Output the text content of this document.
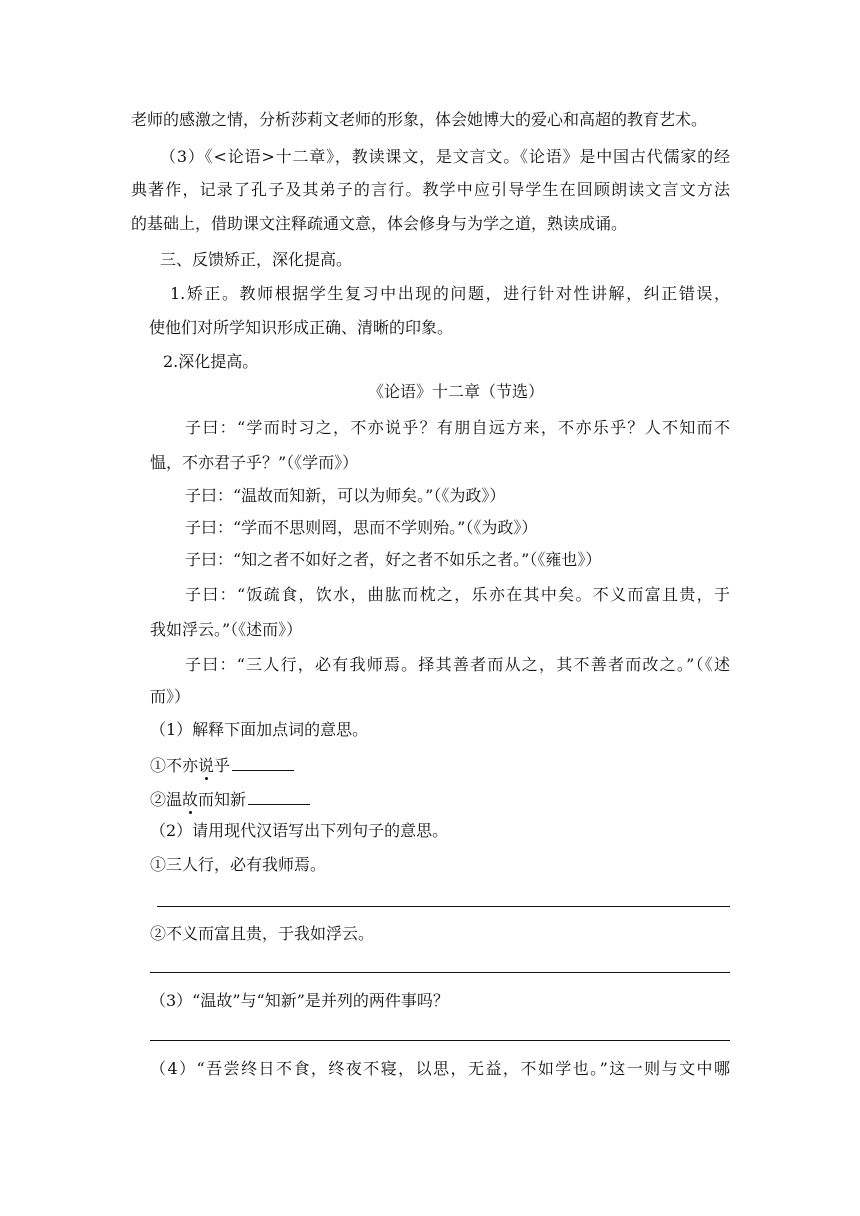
老师的感激之情，分析莎莉文老师的形象，体会她博大的爱心和高超的教育艺术。
（3）《<论语>十二章》，教读课文，是文言文。《论语》是中国古代儒家的经
典著作，记录了孔子及其弟子的言行。教学中应引导学生在回顾朗读文言文方法
的基础上，借助课文注释疏通文意，体会修身与为学之道，熟读成诵。
三、反馈矫正，深化提高。
1.矫正。教师根据学生复习中出现的问题，进行针对性讲解，纠正错误，
使他们对所学知识形成正确、清晰的印象。
2.深化提高。
《论语》十二章（节选）
子曰：“学而时习之，不亦说乎？有朋自远方来，不亦乐乎？人不知而不
愠，不亦君子乎？”（《学而》）
子曰：“温故而知新，可以为师矣。”（《为政》）
子曰：“学而不思则罔，思而不学则殆。”（《为政》）
子曰：“知之者不如好之者，好之者不如乐之者。”（《雍也》）
子曰：“饭疏食，饮水，曲肱而枕之，乐亦在其中矣。不义而富且贵，于
我如浮云。”（《述而》）
子曰：“三人行，必有我师焉。择其善者而从之，其不善者而改之。”（《述
而》）
（1）解释下面加点词的意思。
①不亦说乎
②温故而知新
（2）请用现代汉语写出下列句子的意思。
①三人行，必有我师焉。
②不义而富且贵，于我如浮云。
（3）“温故”与“知新”是并列的两件事吗？
（4）“吾尝终日不食，终夜不寝，以思，无益，不如学也。”这一则与文中哪
